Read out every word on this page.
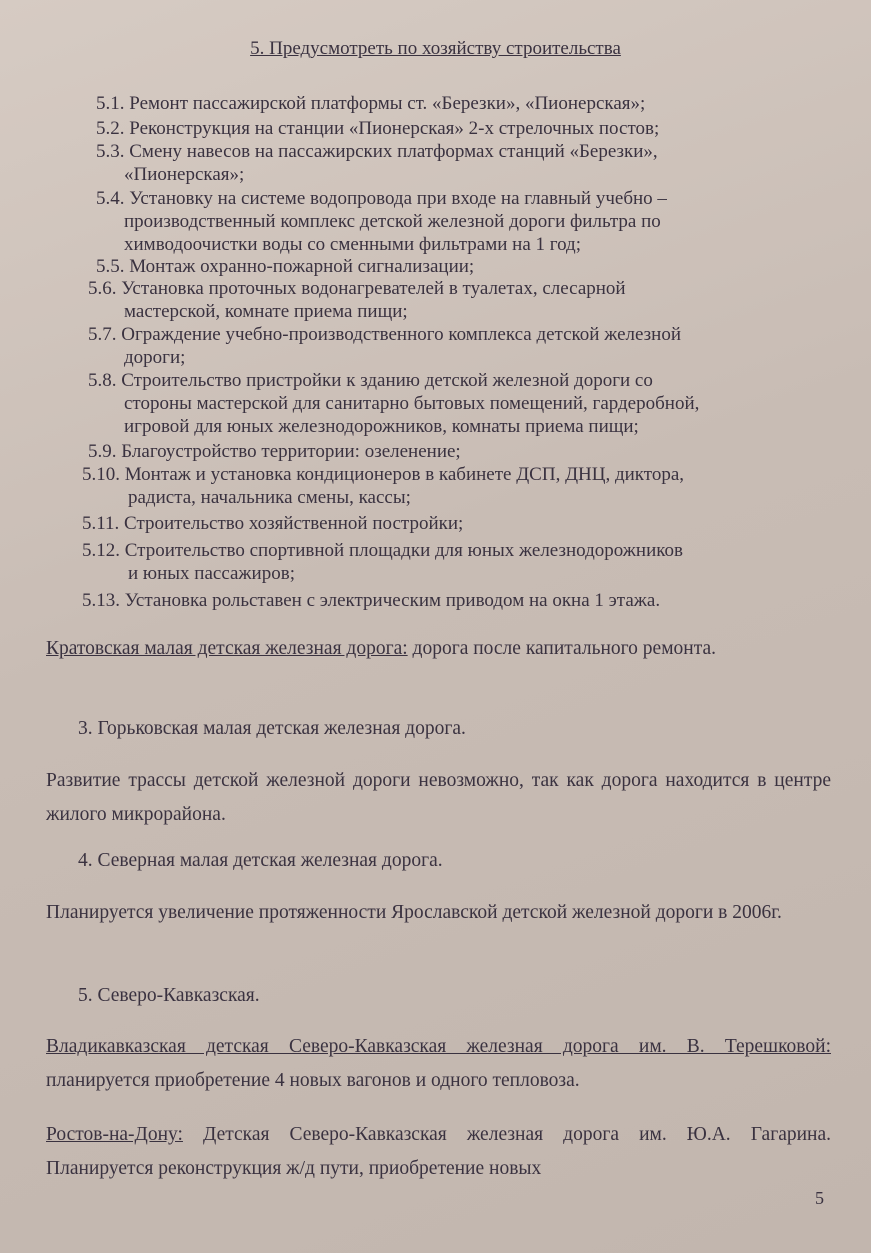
5. Предусмотреть по хозяйству строительства
5.1. Ремонт пассажирской платформы ст. «Березки», «Пионерская»;
5.2. Реконструкция на станции «Пионерская» 2-х стрелочных постов;
5.3. Смену навесов на пассажирских платформах станций «Березки»,
«Пионерская»;
5.4. Установку на системе водопровода при входе на главный учебно –
производственный комплекс детской железной дороги фильтра по
химводоочистки воды со сменными фильтрами на 1 год;
5.5. Монтаж охранно-пожарной сигнализации;
5.6. Установка проточных водонагревателей в туалетах, слесарной
мастерской, комнате приема пищи;
5.7. Ограждение учебно-производственного комплекса детской железной
дороги;
5.8. Строительство пристройки к зданию детской железной дороги со
стороны мастерской для санитарно бытовых помещений, гардеробной,
игровой для юных железнодорожников, комнаты приема пищи;
5.9. Благоустройство территории: озеленение;
5.10. Монтаж и установка кондиционеров в кабинете ДСП, ДНЦ, диктора,
радиста, начальника смены, кассы;
5.11. Строительство хозяйственной постройки;
5.12. Строительство спортивной площадки для юных железнодорожников
и юных пассажиров;
5.13. Установка рольставен с электрическим приводом на окна 1 этажа.
Кратовская малая детская железная дорога: дорога после капитального ремонта.
3. Горьковская малая детская железная дорога.
Развитие трассы детской железной дороги невозможно, так как дорога находится в центре жилого микрорайона.
4. Северная малая детская железная дорога.
Планируется увеличение протяженности Ярославской детской железной дороги в 2006г.
5. Северо-Кавказская.
Владикавказская детская Северо-Кавказская железная дорога им. В. Терешковой: планируется приобретение 4 новых вагонов и одного тепловоза.
Ростов-на-Дону: Детская Северо-Кавказская железная дорога им. Ю.А. Гагарина. Планируется реконструкция ж/д пути, приобретение новых
5
